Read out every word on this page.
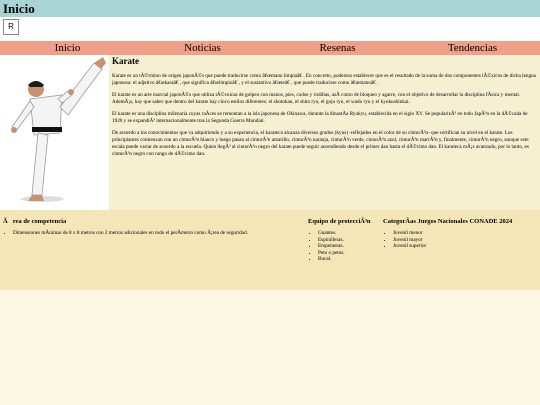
Inicio
R
Inicio	Noticias	Resenas	Tendencias
Karate

Karate es un tÃ©rmino de origen japonÃ©s que puede traducirse como â€œmano limpiaâ€ . En concreto, podemos establecer que es el resultado de la suma de dos componentes lÃ©xicos de dicha lengua japonesa: el adjetivo â€œkaraâ€ , que significa â€œlimpioâ€ , y el sustantivo â€œteâ€ , que puede traducirse como â€œmanoâ€ .

El karate es un arte marcial japonÃ©s que utiliza tÃ©cnicas de golpeo con manos, pies, codos y rodillas, asÃ como de bloqueo y agarre, con el objetivo de desarrollar la disciplina fÃsica y mental. AdemÃ¡s, hay que saber que dentro del karate hay cinco estilos diferentes: el shotokan, el shito ryu, el goju ryu, el wado ryu y el kyokushinkai.

El karate es una disciplina milenaria cuyas raÃces se remontan a la isla japonesa de Okinawa, durante la dinastÃa Ryukyu, establecida en el siglo XV. Se popularizÃ³ en todo JapÃ³n en la dÃ©cada de 1920 y se expandiÃ³ internacionalmente tras la Segunda Guerra Mundial.

De acuerdo a los conocimientos que va adquiriendo y a su experiencia, el karateca alcanza diversos grados (kyus) -reflejados en el color de su cinturÃ³n- que certifican su nivel en el karate. Los principiantes comienzan con un cinturÃ³n blanco y luego pasan al cinturÃ³n amarillo, cinturÃ³n naranja, cinturÃ³n verde, cinturÃ³n azul, cinturÃ³n marrÃ³n y, finalmente, cinturÃ³n negro, aunque este escala puede variar de acuerdo a la escuela. Quien llegÃ³ al cinturÃ³n negro del karate puede seguir ascendiendo desde el primer dan hasta el dÃ©cimo dan. El karateca mÃ¡s avanzado, por lo tanto, es cinturÃ³n negro con rango de dÃ©cimo dan.

Ãrea de competencia
• Dimensiones mÃnimas de 8 x 8 metros con 2 metros adicionales en todo el perÃmetro como Ã¡rea de seguridad.
Equipo de protecciÃ³n
• Guantes.
• Espinilleras.
• Empeineras.
• Peto o petos.
• Bucal.
CategorÃas Juegos Nacionales CONADE 2024
• Juvenil menor
• Juvenil mayor
• Juvenil superior
